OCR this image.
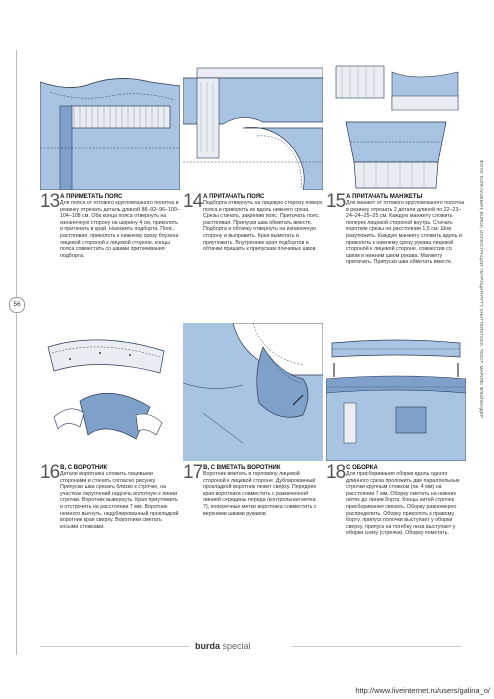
56
13 А ПРИМЕТАТЬ ПОЯС
Для пояса от готового кругловязаного полотна в резинку отрезать деталь длиной 88–92–96–100–104–108 см. Оба конца пояса отвернуть на изнаночную сторону на ширину 4 см, приколоть и притачать в край. Нахожить подборта. Пояс, растягивая, приколоть к нижнему срезу блузона лицевой стороной к лицевой стороне, концы пояса совместить со швами притачивания подборта.
14 А ПРИТАЧАТЬ ПОЯС
Подборта отвернуть на лицевую сторону поверх пояса и приколоть их вдоль нижнего среза. Срезы стачать, закрепив пояс. Притачать пояс, растягивая. Припуски шва обметать вместе. Подборта и обтачку отвернуть на изнаночную сторону и выправить. Края выметать и приутюжить. Внутренние края подбортов и обтачки пришить к припускам плечевых швов.
15 А ПРИТАЧАТЬ МАНЖЕТЫ
Для манжет от готового кругловязаного полотна в резинку отрезать 2 детали длиной по 22–23–24–24–25–25 см. Каждую манжету сложить поперек лицевой стороной внутрь. Стачать короткие срезы на расстоянии 1,5 см. Шов разутюжить. Каждую манжету сложить вдоль и приколоть к нижнему срезу рукава лицевой стороной к лицевой стороне, совместив со швом в нижним швом рукава. Манжету притачать. Припуски шва обметать вместе.
16 В, С ВОРОТНИК
Детали воротника сложить лицевыми сторонами и стачать согласно рисунку. Припуски шва срезать близко к строчке, на участках округлений надсечь вплотную к линии строчки. Воротник вывернуть. Края приутюжить и отстрочить на расстоянии 7 мм. Воротник немного выгнуть, недублированный прокладкой воротник края сверху. Воротники сметать косыми стежками.
17 В, С ВМЕТАТЬ ВОРОТНИК
Воротник вметать в горловину лицевой стороной к лицевой стороне. Дублированный прокладкой воротник лежит сверху. Переднее края воротника совместить с размеченной линией середины переда (контрольная метка 7), поперечные метки воротника совместить с верхними швами рукавов.
18 С ОБОРКА
Для присборивания оборки вдоль одного длинного среза проложить две параллельные строчки крупным стежком (ок. 4 мм) на расстоянии 7 мм. Оборку сметать на нижних нитях до линии борта. Концы нитей строчек присборивания связать. Оборку равномерно распределить. Оборку приколоть к правому борту, припуск полочки выступает у оборки сверху, припуск на погибку низа выступает у оборки снизу (стрелки). Оборку пометать.
ФОТО: ЮЛЯ ЛАЗЕВИЧ, BURDA, ИЛЛЮСТРАЦИИ: ПАТРИЦИЯ РУТТ, SHUTTERSTOCK. ТЕКСТ: МАРИЯС ФЛЕЙКЕНДЕР
burda special
http://www.liveinternet.ru/users/galina_o/
